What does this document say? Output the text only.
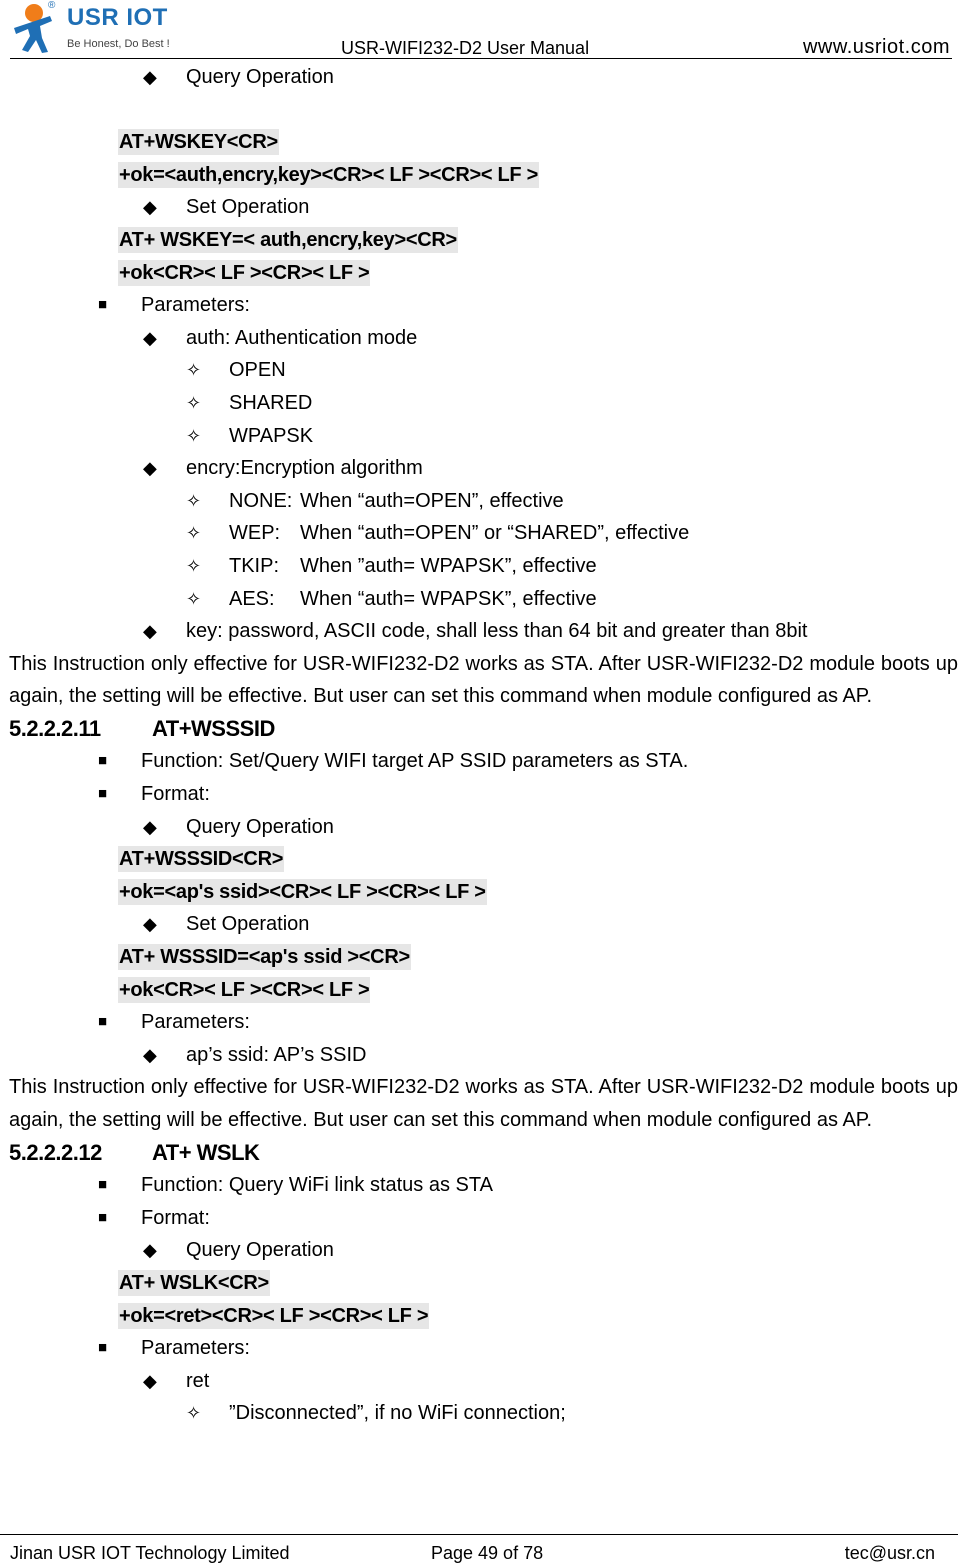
® USR IOT
Be Honest, Do Best !	USR-WIFI232-D2 User Manual	www.usriot.com
◆ Query Operation
AT+WSKEY<CR>
+ok=<auth,encry,key><CR>< LF ><CR>< LF >
◆ Set Operation
AT+ WSKEY=< auth,encry,key><CR>
+ok<CR>< LF ><CR>< LF >
■ Parameters:
◆ auth: Authentication mode
✧ OPEN
✧ SHARED
✧ WPAPSK
◆ encry:Encryption algorithm
✧ NONE: When “auth=OPEN”, effective
✧ WEP: When “auth=OPEN” or “SHARED”, effective
✧ TKIP: When ”auth= WPAPSK”, effective
✧ AES: When “auth= WPAPSK”, effective
◆ key: password, ASCII code, shall less than 64 bit and greater than 8bit
This Instruction only effective for USR-WIFI232-D2 works as STA. After USR-WIFI232-D2 module boots up again, the setting will be effective. But user can set this command when module configured as AP.
5.2.2.2.11 AT+WSSSID
■ Function: Set/Query WIFI target AP SSID parameters as STA.
■ Format:
◆ Query Operation
AT+WSSSID<CR>
+ok=<ap's ssid><CR>< LF ><CR>< LF >
◆ Set Operation
AT+ WSSSID=<ap's ssid ><CR>
+ok<CR>< LF ><CR>< LF >
■ Parameters:
◆ ap’s ssid: AP’s SSID
This Instruction only effective for USR-WIFI232-D2 works as STA. After USR-WIFI232-D2 module boots up again, the setting will be effective. But user can set this command when module configured as AP.
5.2.2.2.12 AT+ WSLK
■ Function: Query WiFi link status as STA
■ Format:
◆ Query Operation
AT+ WSLK<CR>
+ok=<ret><CR>< LF ><CR>< LF >
■ Parameters:
◆ ret
✧ ”Disconnected”, if no WiFi connection;
Jinan USR IOT Technology Limited	Page 49 of 78	tec@usr.cn
